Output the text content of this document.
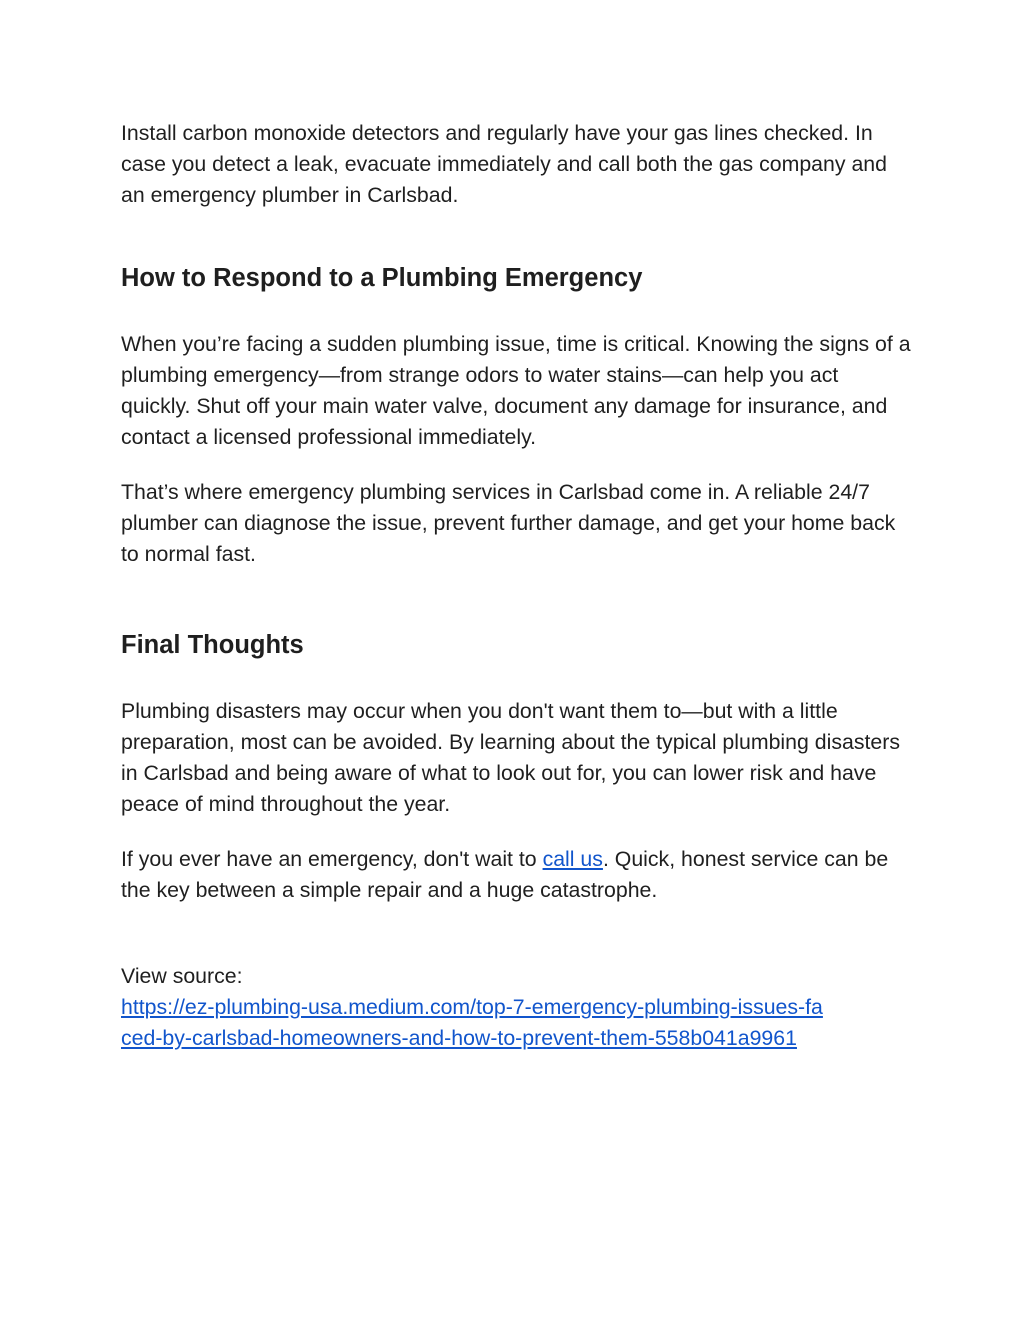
Install carbon monoxide detectors and regularly have your gas lines checked. In case you detect a leak, evacuate immediately and call both the gas company and an emergency plumber in Carlsbad.

How to Respond to a Plumbing Emergency

When you’re facing a sudden plumbing issue, time is critical. Knowing the signs of a plumbing emergency—from strange odors to water stains—can help you act quickly. Shut off your main water valve, document any damage for insurance, and contact a licensed professional immediately.

That’s where emergency plumbing services in Carlsbad come in. A reliable 24/7 plumber can diagnose the issue, prevent further damage, and get your home back to normal fast.

Final Thoughts

Plumbing disasters may occur when you don't want them to—but with a little preparation, most can be avoided. By learning about the typical plumbing disasters in Carlsbad and being aware of what to look out for, you can lower risk and have peace of mind throughout the year.

If you ever have an emergency, don't wait to call us. Quick, honest service can be the key between a simple repair and a huge catastrophe.

View source:
https://ez-plumbing-usa.medium.com/top-7-emergency-plumbing-issues-fa
ced-by-carlsbad-homeowners-and-how-to-prevent-them-558b041a9961
